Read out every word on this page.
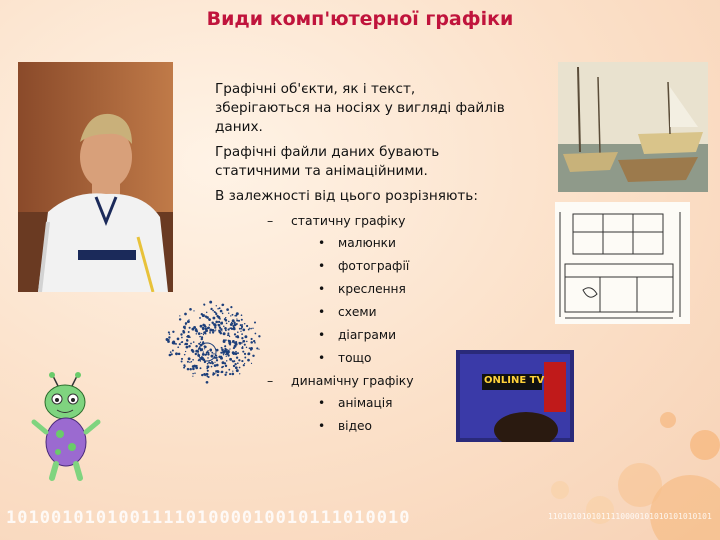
Види комп'ютерної графіки
ONLINE TV

Графічні об'єкти, як і текст, зберігаються на носіях у вигляді файлів даних.

Графічні файли даних бувають статичними та анімаційними.

В залежності від цього розрізняють:

– статичну графіку
• малюнки
• фотографії
• креслення
• схеми
• діаграми
• тощо
– динамічну графіку
• анімація
• відео
101001010100111101000010010111010010	1101010101011110000101010101010101
